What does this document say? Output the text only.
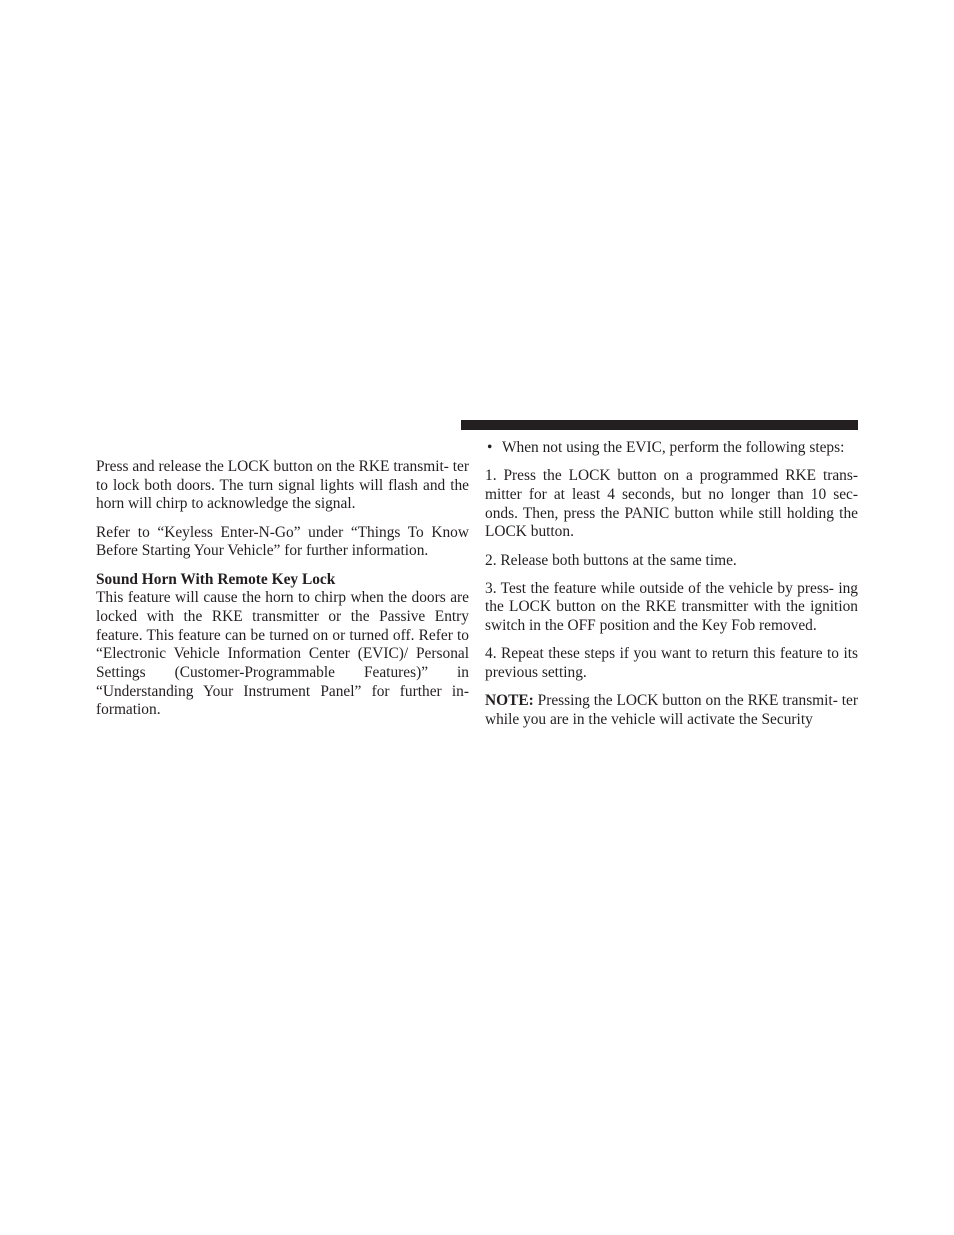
Press and release the LOCK button on the RKE transmit- ter to lock both doors. The turn signal lights will flash and the horn will chirp to acknowledge the signal.

Refer to “Keyless Enter-N-Go” under “Things To Know Before Starting Your Vehicle” for further information.

Sound Horn With Remote Key Lock

This feature will cause the horn to chirp when the doors are locked with the RKE transmitter or the Passive Entry feature. This feature can be turned on or turned off. Refer to “Electronic Vehicle Information Center (EVIC)/ Personal Settings (Customer-Programmable Features)” in “Understanding Your Instrument Panel” for further in- formation.

• When not using the EVIC, perform the following steps:

1. Press the LOCK button on a programmed RKE trans- mitter for at least 4 seconds, but no longer than 10 sec- onds. Then, press the PANIC button while still holding the LOCK button.

2. Release both buttons at the same time.

3. Test the feature while outside of the vehicle by press- ing the LOCK button on the RKE transmitter with the ignition switch in the OFF position and the Key Fob removed.

4. Repeat these steps if you want to return this feature to its previous setting.

NOTE: Pressing the LOCK button on the RKE transmit- ter while you are in the vehicle will activate the Security
